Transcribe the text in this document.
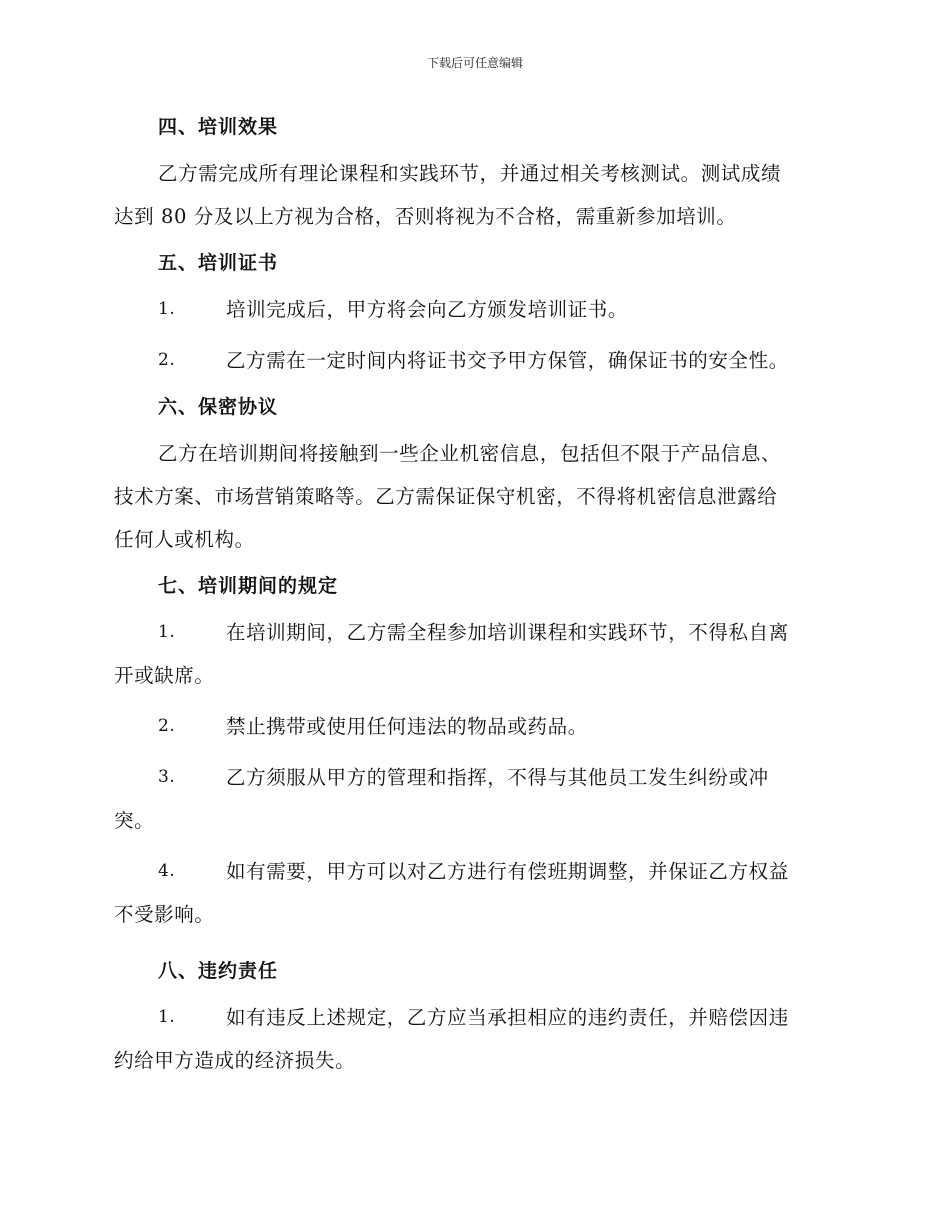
下载后可任意编辑
四、培训效果

乙方需完成所有理论课程和实践环节，并通过相关考核测试。测试成绩

达到 80 分及以上方视为合格，否则将视为不合格，需重新参加培训。

五、培训证书
1.	培训完成后，甲方将会向乙方颁发培训证书。
2.	乙方需在一定时间内将证书交予甲方保管，确保证书的安全性。
六、保密协议

乙方在培训期间将接触到一些企业机密信息，包括但不限于产品信息、

技术方案、市场营销策略等。乙方需保证保守机密，不得将机密信息泄露给

任何人或机构。

七、培训期间的规定
1.	在培训期间，乙方需全程参加培训课程和实践环节，不得私自离
开或缺席。
2.	禁止携带或使用任何违法的物品或药品。
3.	乙方须服从甲方的管理和指挥，不得与其他员工发生纠纷或冲
突。
4.	如有需要，甲方可以对乙方进行有偿班期调整，并保证乙方权益
不受影响。
八、违约责任
1.	如有违反上述规定，乙方应当承担相应的违约责任，并赔偿因违
约给甲方造成的经济损失。
